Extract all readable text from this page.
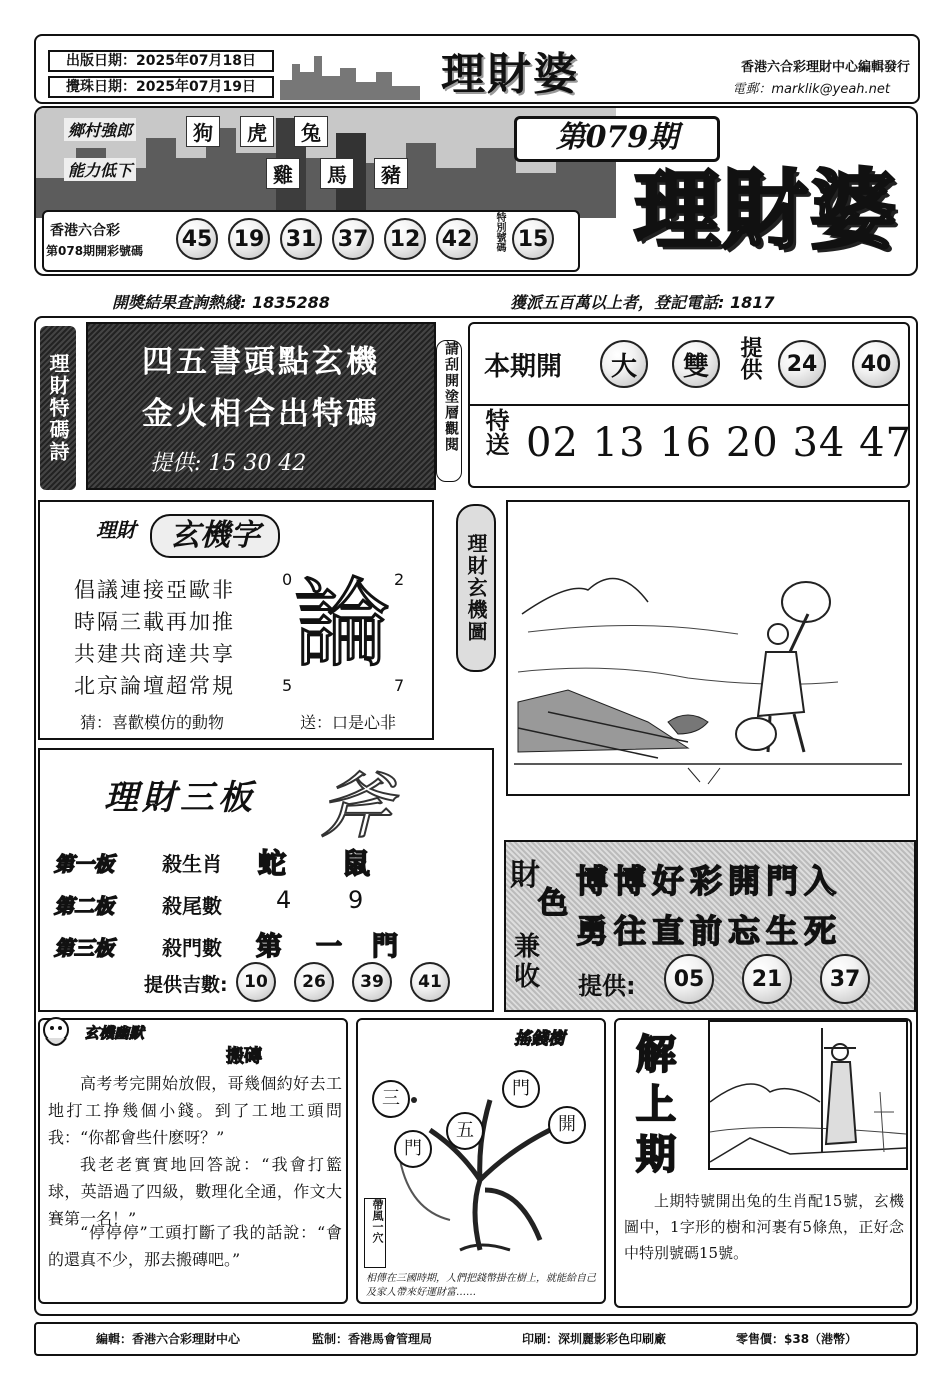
出版日期：2025年07月18日
攪珠日期：2025年07月19日	理財婆	香港六合彩理財中心編輯發行
電郵：marklik@yeah.net
鄉村強郎
能力低下
狗	虎	兔
雞	馬	豬
第079期
理財婆
香港六合彩
第078期開彩號碼 45 19 31 37 12 42	特別號碼 15
開獎結果查詢熱綫: 1835288	獲派五百萬以上者，登記電話: 1817
理財特碼詩	四五書頭點玄機
金火相合出特碼
提供: 15 30 42
請刮開塗層觀閱 本期開	大	雙	提供	24	40
特送 02 13 16 20 34 47
理財	玄機字
倡議連接亞歐非
時隔三載再加推
共建共商達共享
北京論壇超常規
0	2
5	7
論
猜：喜歡模仿的動物	送：口是心非
理財玄機圖
理財三板 斧
第一板 殺生肖 蛇 鼠
第二板 殺尾數 4 9
第三板 殺門數 第 一 門
提供吉數: 10	26	39	41
財
色
兼收
博博好彩開門入
勇往直前忘生死
提供:	05	21	37
玄機幽默
搬磚
高考考完開始放假，哥幾個約好去工地打工挣幾個小錢。到了工地工頭問我：“你都會些什麽呀？”
我老老實實地回答說：“我會打籃球，英語過了四級，數理化全通，作文大賽第一名！”
“停停停”工頭打斷了我的話說：“會的還真不少，那去搬磚吧。”
搖錢樹
三	門
開
門
五
帶風一穴
相傳在三國時期，人們把錢幣掛在樹上，就能給自己及家人帶來好運財富……
解上期
上期特號開出兔的生肖配15號，玄機圖中，1字形的樹和河裹有5條魚，正好念中特別號碼15號。
編輯：香港六合彩理財中心	監制：香港馬會管理局	印刷：深圳麗影彩色印刷廠	零售價：$38（港幣）
